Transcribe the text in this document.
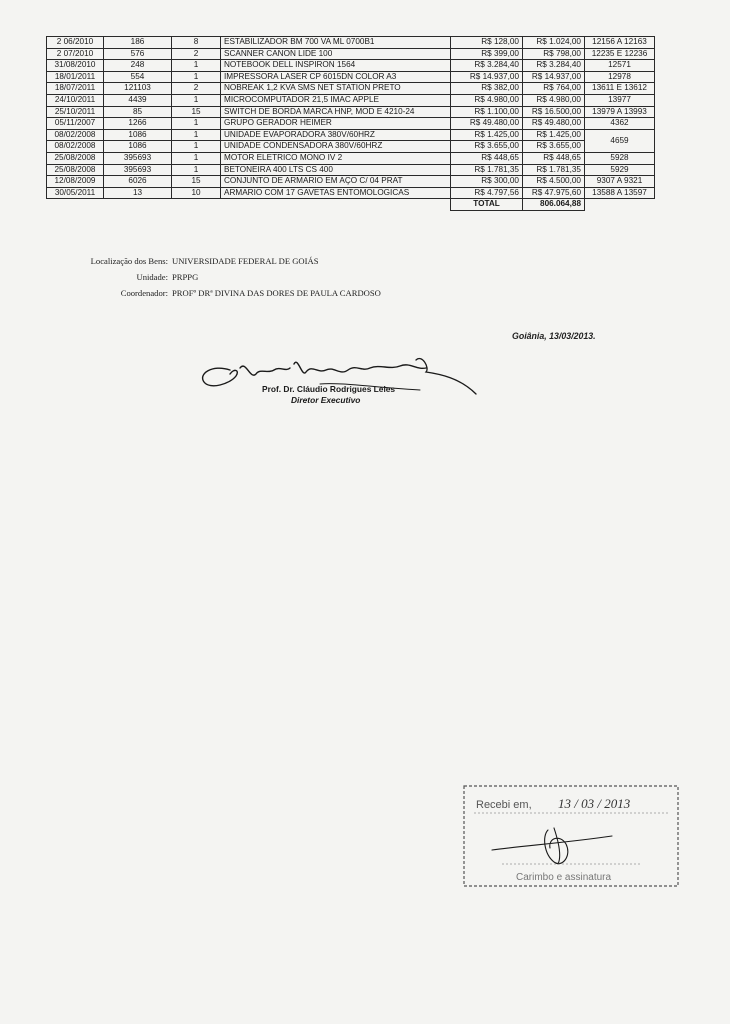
2 06/2010	186	8	ESTABILIZADOR BM 700 VA ML 0700B1	R$ 128,00	R$ 1.024,00	12156 A 12163
2 07/2010	576	2	SCANNER CANON LIDE 100	R$ 399,00	R$ 798,00	12235 E 12236
31/08/2010	248	1	NOTEBOOK DELL INSPIRON 1564	R$ 3.284,40	R$ 3.284,40	12571
18/01/2011	554	1	IMPRESSORA LASER CP 6015DN COLOR A3	R$ 14.937,00	R$ 14.937,00	12978
18/07/2011	121103	2	NOBREAK 1,2 KVA SMS NET STATION PRETO	R$ 382,00	R$ 764,00	13611 E 13612
24/10/2011	4439	1	MICROCOMPUTADOR 21,5 IMAC APPLE	R$ 4.980,00	R$ 4.980,00	13977
25/10/2011	85	15	SWITCH DE BORDA MARCA HNP, MOD E 4210-24	R$ 1.100,00	R$ 16.500,00	13979 A 13993
05/11/2007	1266	1	GRUPO GERADOR HEIMER	R$ 49.480,00	R$ 49.480,00	4362
08/02/2008	1086	1	UNIDADE EVAPORADORA 380V/60HRZ	R$ 1.425,00	R$ 1.425,00	4659
08/02/2008	1086	1	UNIDADE CONDENSADORA 380V/60HRZ	R$ 3.655,00	R$ 3.655,00	
25/08/2008	395693	1	MOTOR ELETRICO MONO IV 2	R$ 448,65	R$ 448,65	5928
25/08/2008	395693	1	BETONEIRA 400 LTS CS 400	R$ 1.781,35	R$ 1.781,35	5929
12/08/2009	6026	15	CONJUNTO DE ARMARIO EM AÇO C/ 04 PRAT	R$ 300,00	R$ 4.500,00	9307 A 9321
30/05/2011	13	10	ARMARIO COM 17 GAVETAS ENTOMOLOGICAS	R$ 4.797,56	R$ 47.975,60	13588 A 13597
				TOTAL	806.064,88	
Localização dos Bens: UNIVERSIDADE FEDERAL DE GOIÁS
Unidade: PRPPG
Coordenador: PROFº DRª DIVINA DAS DORES DE PAULA CARDOSO
Goiânia, 13/03/2013.
Prof. Dr. Cláudio Rodrigues Leles
Diretor Executivo
Recebi em, 13 / 03 / 2013
Carimbo e assinatura
